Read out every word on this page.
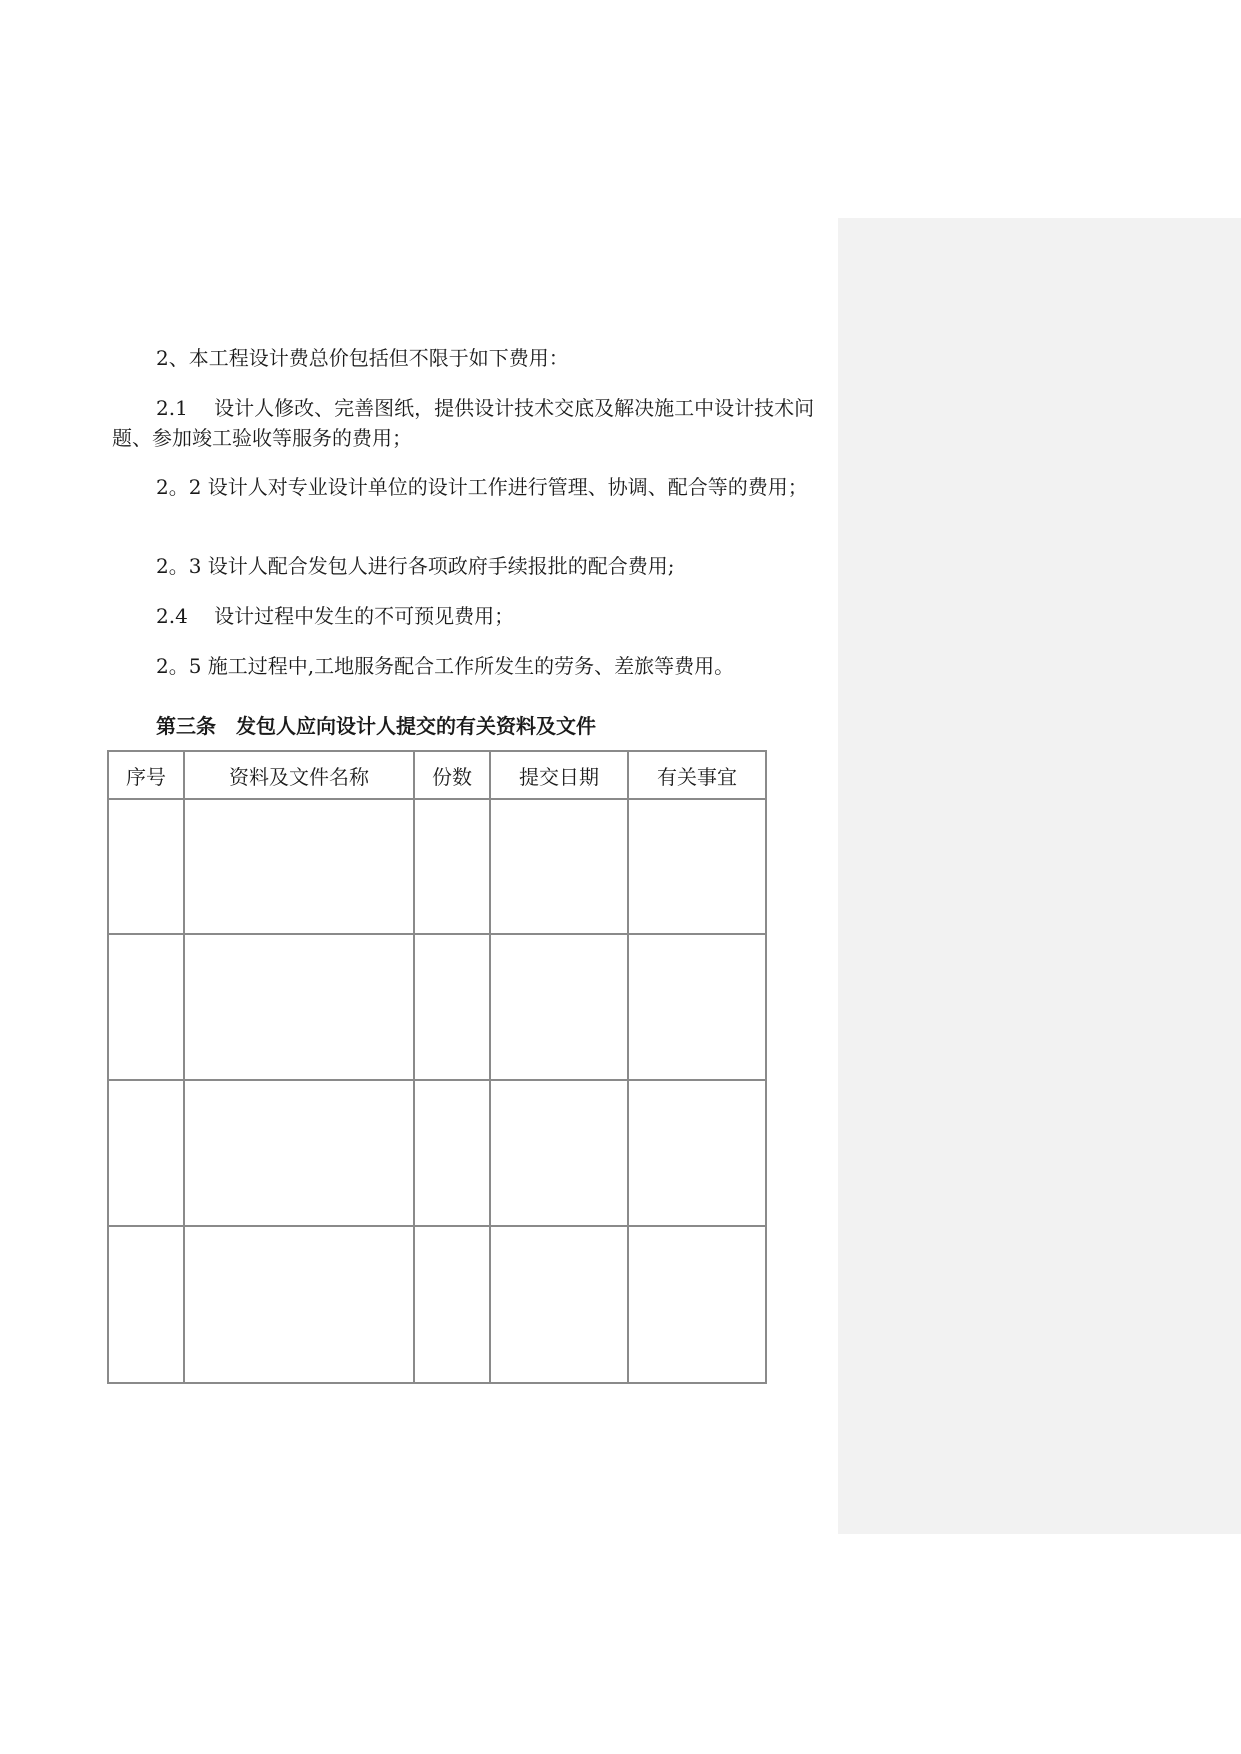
2、本工程设计费总价包括但不限于如下费用：

2.1　 设计人修改、完善图纸，提供设计技术交底及解决施工中设计技术问题、参加竣工验收等服务的费用；

2。2 设计人对专业设计单位的设计工作进行管理、协调、配合等的费用；

2。3 设计人配合发包人进行各项政府手续报批的配合费用;

2.4　 设计过程中发生的不可预见费用；

2。5 施工过程中,工地服务配合工作所发生的劳务、差旅等费用。

第三条　发包人应向设计人提交的有关资料及文件
序号	资料及文件名称	份数	提交日期	有关事宜
